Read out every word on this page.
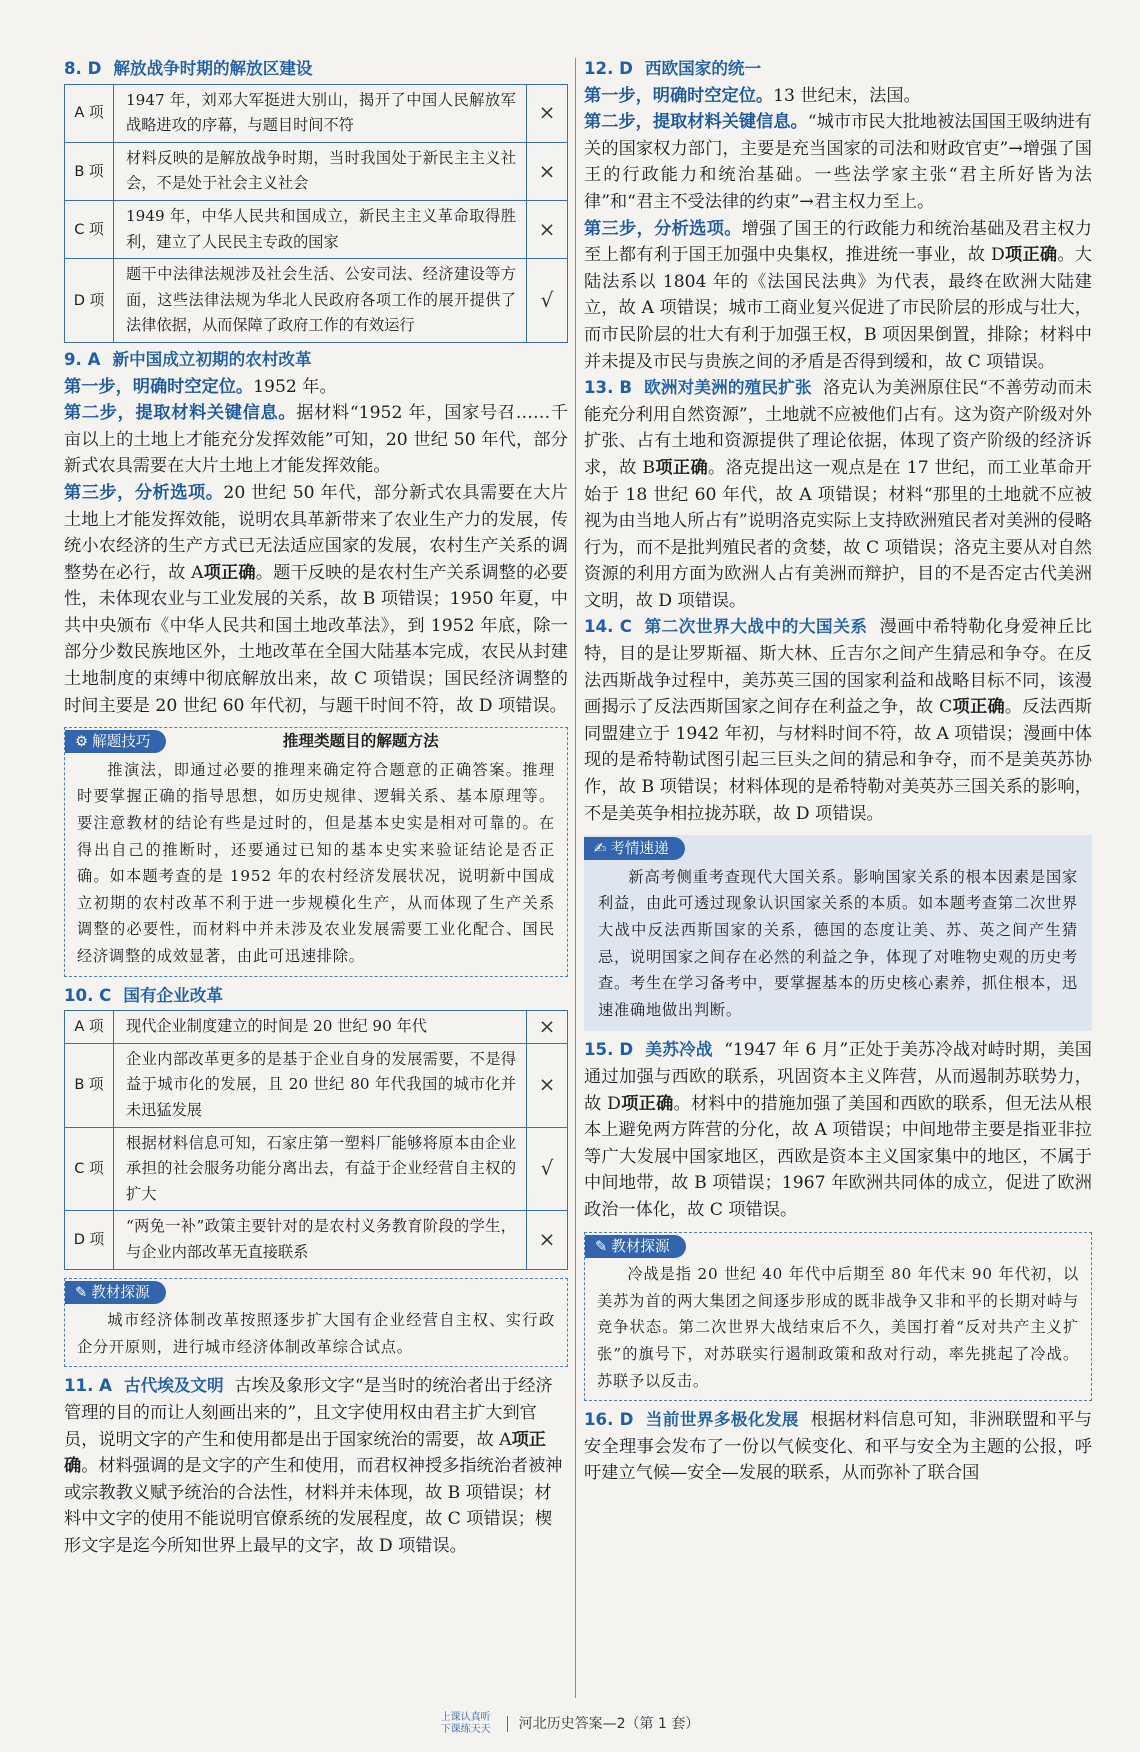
8. D 解放战争时期的解放区建设
A 项	1947 年，刘邓大军挺进大别山，揭开了中国人民解放军战略进攻的序幕，与题目时间不符	×
B 项	材料反映的是解放战争时期，当时我国处于新民主主义社会，不是处于社会主义社会	×
C 项	1949 年，中华人民共和国成立，新民主主义革命取得胜利，建立了人民民主专政的国家	×
D 项	题干中法律法规涉及社会生活、公安司法、经济建设等方面，这些法律法规为华北人民政府各项工作的展开提供了法律依据，从而保障了政府工作的有效运行	√
9. A 新中国成立初期的农村改革

第一步，明确时空定位。1952 年。

第二步，提取材料关键信息。据材料“1952 年，国家号召……千亩以上的土地上才能充分发挥效能”可知，20 世纪 50 年代，部分新式农具需要在大片土地上才能发挥效能。

第三步，分析选项。20 世纪 50 年代，部分新式农具需要在大片土地上才能发挥效能，说明农具革新带来了农业生产力的发展，传统小农经济的生产方式已无法适应国家的发展，农村生产关系的调整势在必行，故 A项正确。题干反映的是农村生产关系调整的必要性，未体现农业与工业发展的关系，故 B 项错误；1950 年夏，中共中央颁布《中华人民共和国土地改革法》，到 1952 年底，除一部分少数民族地区外，土地改革在全国大陆基本完成，农民从封建土地制度的束缚中彻底解放出来，故 C 项错误；国民经济调整的时间主要是 20 世纪 60 年代初，与题干时间不符，故 D 项错误。

⚙ 解题技巧	推理类题目的解题方法
推演法，即通过必要的推理来确定符合题意的正确答案。推理时要掌握正确的指导思想，如历史规律、逻辑关系、基本原理等。要注意教材的结论有些是过时的，但是基本史实是相对可靠的。在得出自己的推断时，还要通过已知的基本史实来验证结论是否正确。如本题考查的是 1952 年的农村经济发展状况，说明新中国成立初期的农村改革不利于进一步规模化生产，从而体现了生产关系调整的必要性，而材料中并未涉及农业发展需要工业化配合、国民经济调整的成效显著，由此可迅速排除。
10. C 国有企业改革
A 项	现代企业制度建立的时间是 20 世纪 90 年代	×
B 项	企业内部改革更多的是基于企业自身的发展需要，不是得益于城市化的发展，且 20 世纪 80 年代我国的城市化并未迅猛发展	×
C 项	根据材料信息可知，石家庄第一塑料厂能够将原本由企业承担的社会服务功能分离出去，有益于企业经营自主权的扩大	√
D 项	“两免一补”政策主要针对的是农村义务教育阶段的学生，与企业内部改革无直接联系	×
✎ 教材探源
城市经济体制改革按照逐步扩大国有企业经营自主权、实行政企分开原则，进行城市经济体制改革综合试点。
11. A 古代埃及文明 古埃及象形文字“是当时的统治者出于经济管理的目的而让人刻画出来的”，且文字使用权由君主扩大到官员，说明文字的产生和使用都是出于国家统治的需要，故 A项正确。材料强调的是文字的产生和使用，而君权神授多指统治者被神或宗教教义赋予统治的合法性，材料并未体现，故 B 项错误；材料中文字的使用不能说明官僚系统的发展程度，故 C 项错误；楔形文字是迄今所知世界上最早的文字，故 D 项错误。

12. D 西欧国家的统一

第一步，明确时空定位。13 世纪末，法国。

第二步，提取材料关键信息。“城市市民大批地被法国国王吸纳进有关的国家权力部门，主要是充当国家的司法和财政官吏”→增强了国王的行政能力和统治基础。一些法学家主张“君主所好皆为法律”和“君主不受法律的约束”→君主权力至上。

第三步，分析选项。增强了国王的行政能力和统治基础及君主权力至上都有利于国王加强中央集权，推进统一事业，故 D项正确。大陆法系以 1804 年的《法国民法典》为代表，最终在欧洲大陆建立，故 A 项错误；城市工商业复兴促进了市民阶层的形成与壮大，而市民阶层的壮大有利于加强王权，B 项因果倒置，排除；材料中并未提及市民与贵族之间的矛盾是否得到缓和，故 C 项错误。

13. B 欧洲对美洲的殖民扩张 洛克认为美洲原住民“不善劳动而未能充分利用自然资源”，土地就不应被他们占有。这为资产阶级对外扩张、占有土地和资源提供了理论依据，体现了资产阶级的经济诉求，故 B项正确。洛克提出这一观点是在 17 世纪，而工业革命开始于 18 世纪 60 年代，故 A 项错误；材料“那里的土地就不应被视为由当地人所占有”说明洛克实际上支持欧洲殖民者对美洲的侵略行为，而不是批判殖民者的贪婪，故 C 项错误；洛克主要从对自然资源的利用方面为欧洲人占有美洲而辩护，目的不是否定古代美洲文明，故 D 项错误。

14. C 第二次世界大战中的大国关系 漫画中希特勒化身爱神丘比特，目的是让罗斯福、斯大林、丘吉尔之间产生猜忌和争夺。在反法西斯战争过程中，美苏英三国的国家利益和战略目标不同，该漫画揭示了反法西斯国家之间存在利益之争，故 C项正确。反法西斯同盟建立于 1942 年初，与材料时间不符，故 A 项错误；漫画中体现的是希特勒试图引起三巨头之间的猜忌和争夺，而不是美英苏协作，故 B 项错误；材料体现的是希特勒对美英苏三国关系的影响，不是美英争相拉拢苏联，故 D 项错误。

✍ 考情速递
新高考侧重考查现代大国关系。影响国家关系的根本因素是国家利益，由此可透过现象认识国家关系的本质。如本题考查第二次世界大战中反法西斯国家的关系，德国的态度让美、苏、英之间产生猜忌，说明国家之间存在必然的利益之争，体现了对唯物史观的历史考查。考生在学习备考中，要掌握基本的历史核心素养，抓住根本，迅速准确地做出判断。

15. D 美苏冷战 “1947 年 6 月”正处于美苏冷战对峙时期，美国通过加强与西欧的联系，巩固资本主义阵营，从而遏制苏联势力，故 D项正确。材料中的措施加强了美国和西欧的联系，但无法从根本上避免两方阵营的分化，故 A 项错误；中间地带主要是指亚非拉等广大发展中国家地区，西欧是资本主义国家集中的地区，不属于中间地带，故 B 项错误；1967 年欧洲共同体的成立，促进了欧洲政治一体化，故 C 项错误。

✎ 教材探源
冷战是指 20 世纪 40 年代中后期至 80 年代末 90 年代初，以美苏为首的两大集团之间逐步形成的既非战争又非和平的长期对峙与竞争状态。第二次世界大战结束后不久，美国打着“反对共产主义扩张”的旗号下，对苏联实行遏制政策和敌对行动，率先挑起了冷战。苏联予以反击。

16. D 当前世界多极化发展 根据材料信息可知，非洲联盟和平与安全理事会发布了一份以气候变化、和平与安全为主题的公报，呼吁建立气候—安全—发展的联系，从而弥补了联合国

上课认真听
下课练天天 河北历史答案—2（第 1 套）
